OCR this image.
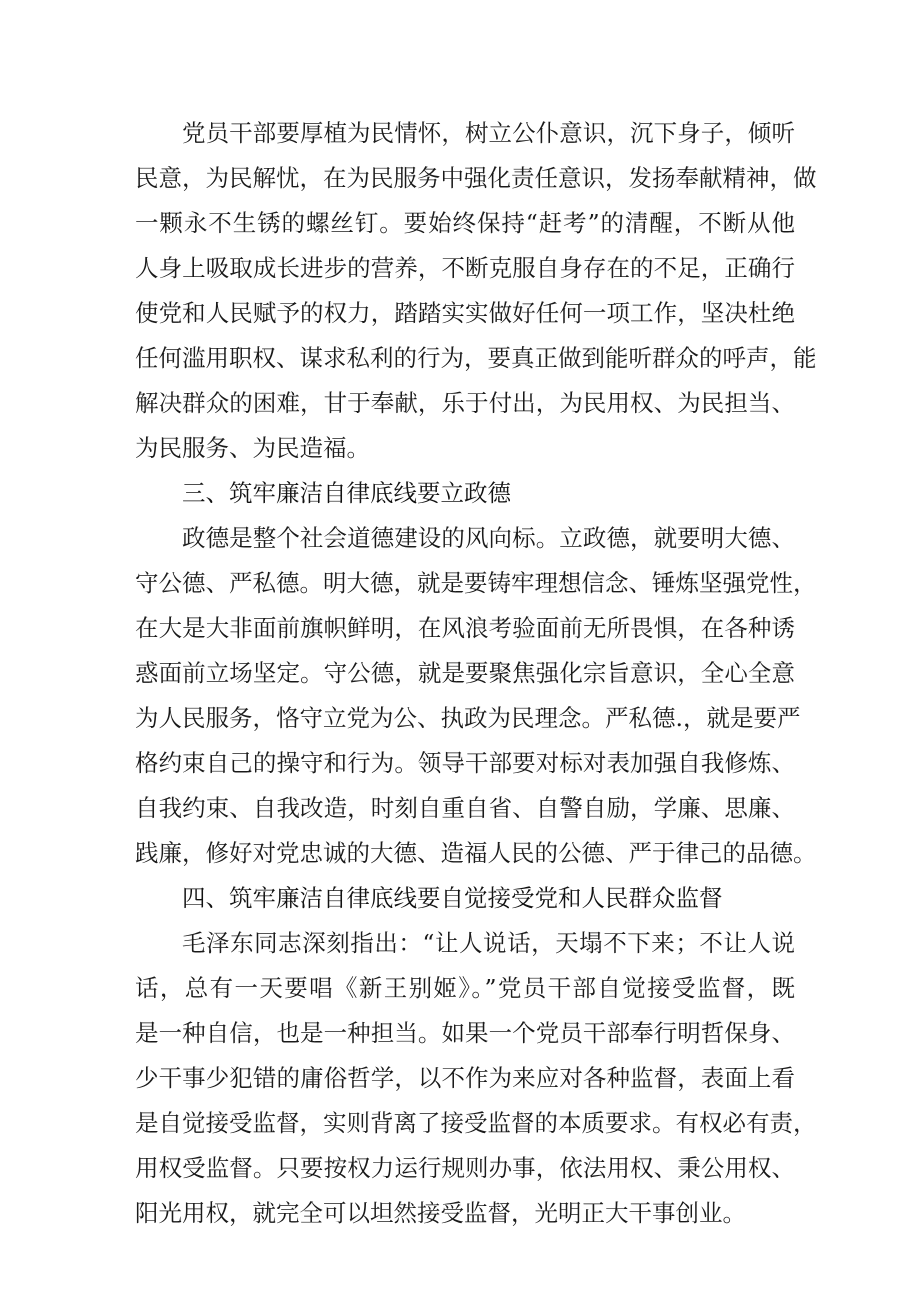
党员干部要厚植为民情怀，树立公仆意识，沉下身子，倾听
民意，为民解忧，在为民服务中强化责任意识，发扬奉献精神，做
一颗永不生锈的螺丝钉。要始终保持“赶考”的清醒，不断从他
人身上吸取成长进步的营养，不断克服自身存在的不足，正确行
使党和人民赋予的权力，踏踏实实做好任何一项工作，坚决杜绝
任何滥用职权、谋求私利的行为，要真正做到能听群众的呼声，能
解决群众的困难，甘于奉献，乐于付出，为民用权、为民担当、
为民服务、为民造福。
三、筑牢廉洁自律底线要立政德
政德是整个社会道德建设的风向标。立政德，就要明大德、
守公德、严私德。明大德，就是要铸牢理想信念、锤炼坚强党性，
在大是大非面前旗帜鲜明，在风浪考验面前无所畏惧，在各种诱
惑面前立场坚定。守公德，就是要聚焦强化宗旨意识，全心全意
为人民服务，恪守立党为公、执政为民理念。严私德.，就是要严
格约束自己的操守和行为。领导干部要对标对表加强自我修炼、
自我约束、自我改造，时刻自重自省、自警自励，学廉、思廉、
践廉，修好对党忠诚的大德、造福人民的公德、严于律己的品德。
四、筑牢廉洁自律底线要自觉接受党和人民群众监督
毛泽东同志深刻指出：“让人说话，天塌不下来；不让人说
话，总有一天要唱《新王别姬》。”党员干部自觉接受监督，既
是一种自信，也是一种担当。如果一个党员干部奉行明哲保身、
少干事少犯错的庸俗哲学，以不作为来应对各种监督，表面上看
是自觉接受监督，实则背离了接受监督的本质要求。有权必有责，
用权受监督。只要按权力运行规则办事，依法用权、秉公用权、
阳光用权，就完全可以坦然接受监督，光明正大干事创业。
